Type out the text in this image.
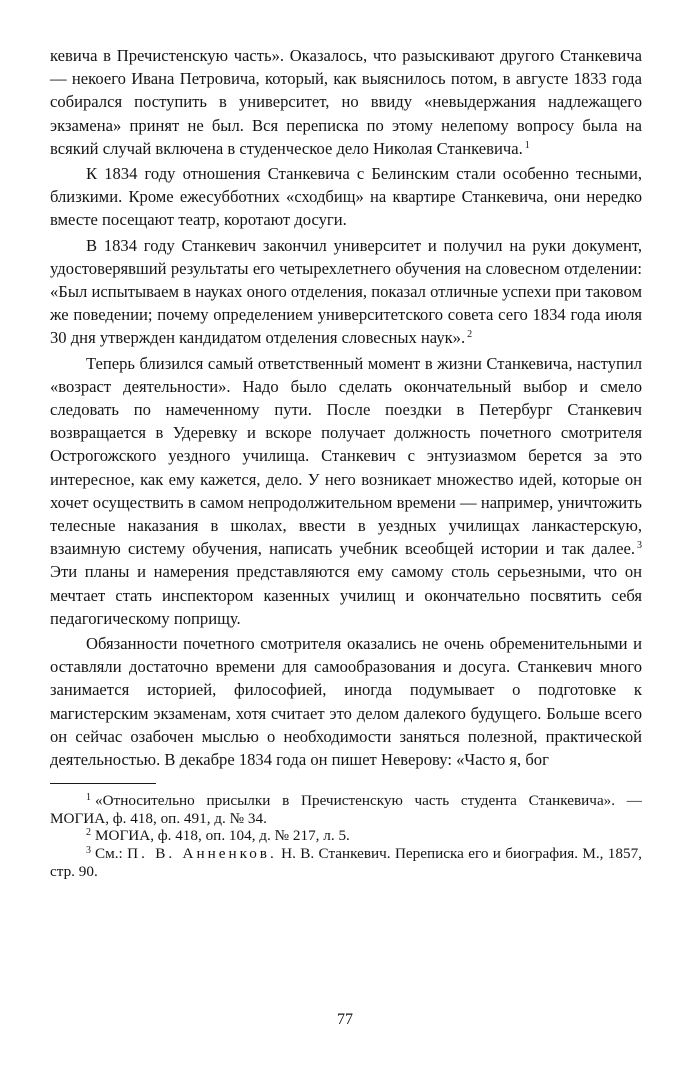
кевича в Пречистенскую часть». Оказалось, что разыскивают другого Станкевича — некоего Ивана Петровича, который, как выяснилось потом, в августе 1833 года собирался поступить в университет, но ввиду «невыдержания надлежащего экзамена» принят не был. Вся переписка по этому нелепому вопросу была на всякий случай включена в студенческое дело Николая Станкевича. $^1$

К 1834 году отношения Станкевича с Белинским стали особенно тесными, близкими. Кроме ежесубботних «сходбищ» на квартире Станкевича, они нередко вместе посещают театр, коротают досуги.

В 1834 году Станкевич закончил университет и получил на руки документ, удостоверявший результаты его четырехлетнего обучения на словесном отделении: «Был испытываем в науках оного отделения, показал отличные успехи при таковом же поведении; почему определением университетского совета сего 1834 года июля 30 дня утвержден кандидатом отделения словесных наук». $^2$

Теперь близился самый ответственный момент в жизни Станкевича, наступил «возраст деятельности». Надо было сделать окончательный выбор и смело следовать по намеченному пути. После поездки в Петербург Станкевич возвращается в Удеревку и вскоре получает должность почетного смотрителя Острогожского уездного училища. Станкевич с энтузиазмом берется за это интересное, как ему кажется, дело. У него возникает множество идей, которые он хочет осуществить в самом непродолжительном времени — например, уничтожить телесные наказания в школах, ввести в уездных училищах ланкастерскую, взаимную систему обучения, написать учебник всеобщей истории и так далее. $^3$ Эти планы и намерения представляются ему самому столь серьезными, что он мечтает стать инспектором казенных училищ и окончательно посвятить себя педагогическому поприщу.

Обязанности почетного смотрителя оказались не очень обременительными и оставляли достаточно времени для самообразования и досуга. Станкевич много занимается историей, философией, иногда подумывает о подготовке к магистерским экзаменам, хотя считает это делом далекого будущего. Больше всего он сейчас озабочен мыслью о необходимости заняться полезной, практической деятельностью. В декабре 1834 года он пишет Неверову: «Часто я, бог

$^1$ «Относительно присылки в Пречистенскую часть студента Станкевича». — МОГИА, ф. 418, оп. 491, д. № 34.

$^2$ МОГИА, ф. 418, оп. 104, д. № 217, л. 5.

$^3$ См.: П. В. Анненков. Н. В. Станкевич. Переписка его и биография. М., 1857, стр. 90.

77
